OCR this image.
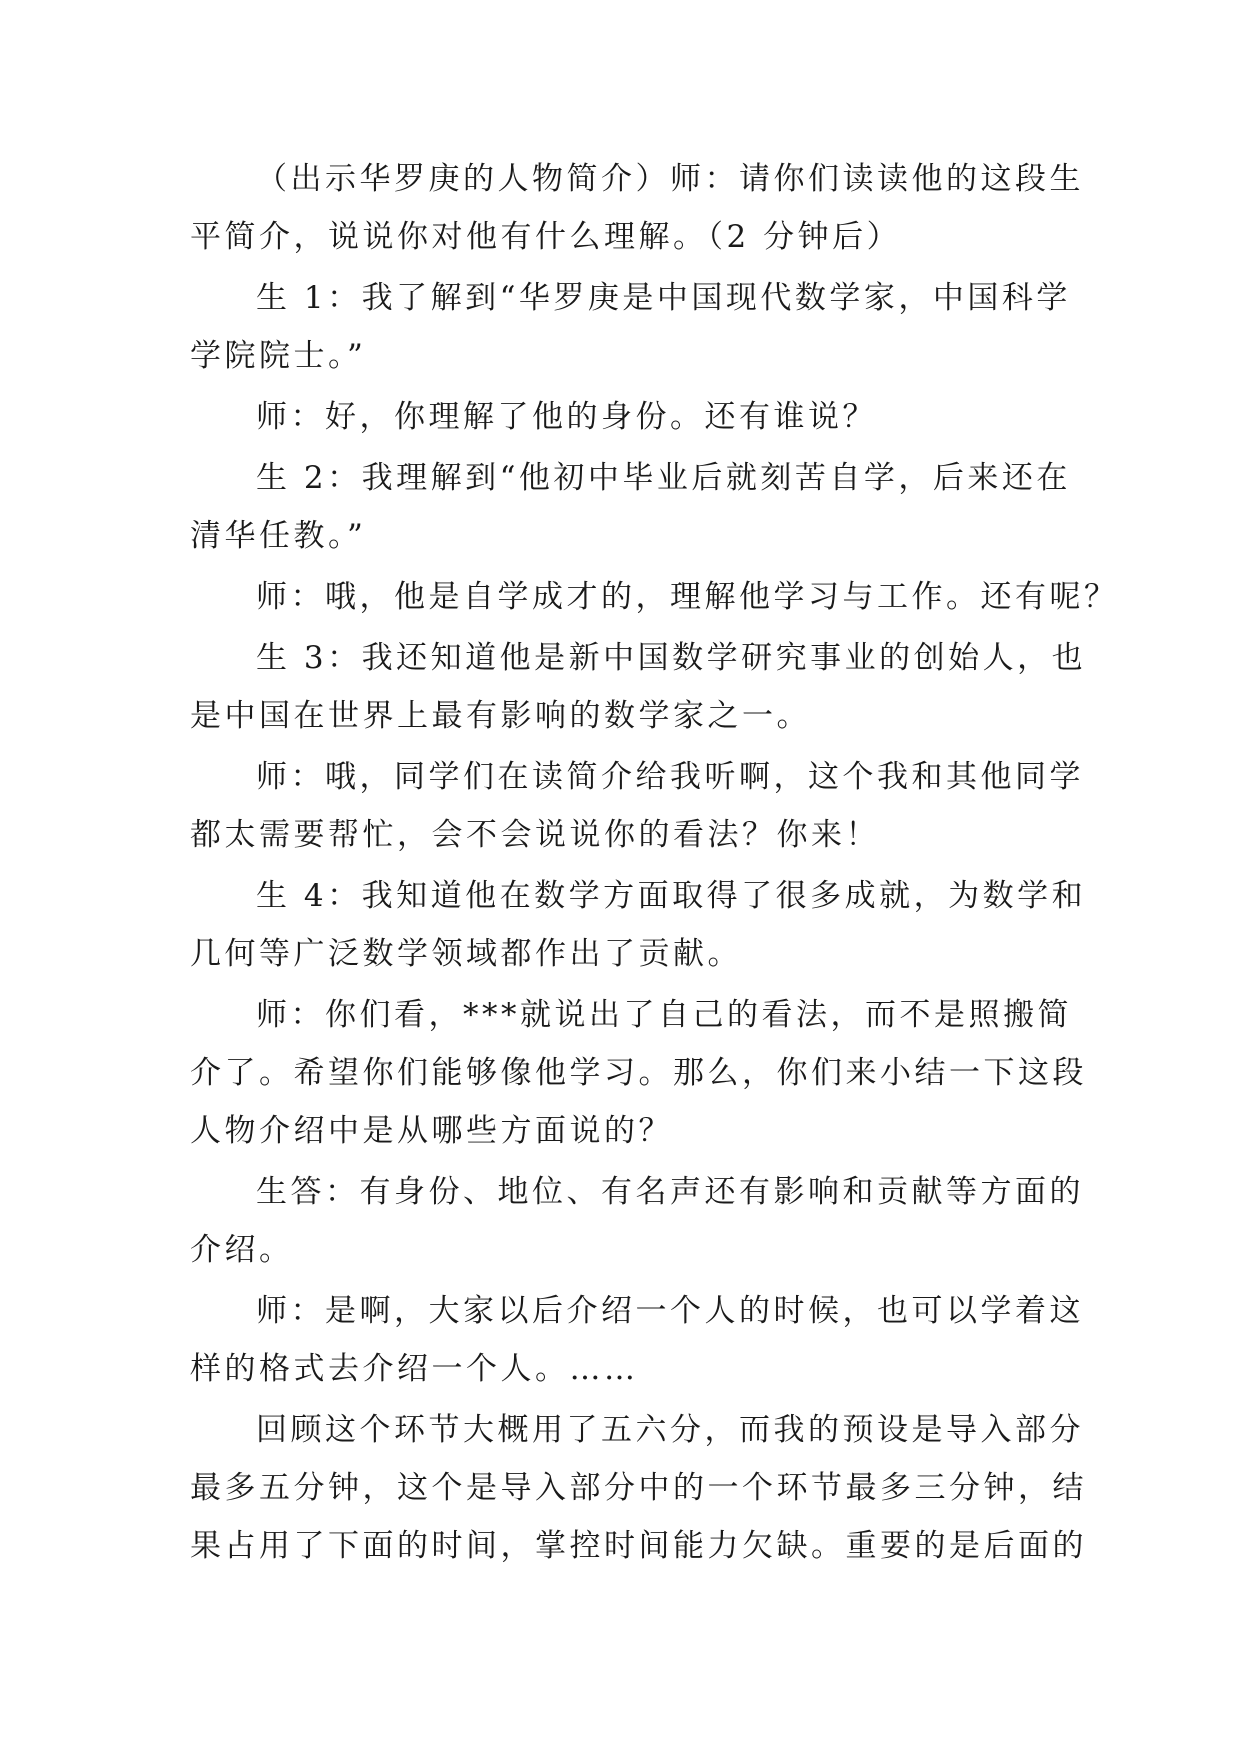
（出示华罗庚的人物简介）师：请你们读读他的这段生
平简介，说说你对他有什么理解。（2 分钟后）

生 1：我了解到“华罗庚是中国现代数学家，中国科学
学院院士。”

师：好，你理解了他的身份。还有谁说？

生 2：我理解到“他初中毕业后就刻苦自学，后来还在
清华任教。”

师：哦，他是自学成才的，理解他学习与工作。还有呢？

生 3：我还知道他是新中国数学研究事业的创始人，也
是中国在世界上最有影响的数学家之一。

师：哦，同学们在读简介给我听啊，这个我和其他同学
都太需要帮忙，会不会说说你的看法？你来！

生 4：我知道他在数学方面取得了很多成就，为数学和
几何等广泛数学领域都作出了贡献。

师：你们看，***就说出了自己的看法，而不是照搬简
介了。希望你们能够像他学习。那么，你们来小结一下这段
人物介绍中是从哪些方面说的？

生答：有身份、地位、有名声还有影响和贡献等方面的
介绍。

师：是啊，大家以后介绍一个人的时候，也可以学着这
样的格式去介绍一个人。……

回顾这个环节大概用了五六分，而我的预设是导入部分
最多五分钟，这个是导入部分中的一个环节最多三分钟，结
果占用了下面的时间，掌控时间能力欠缺。重要的是后面的
